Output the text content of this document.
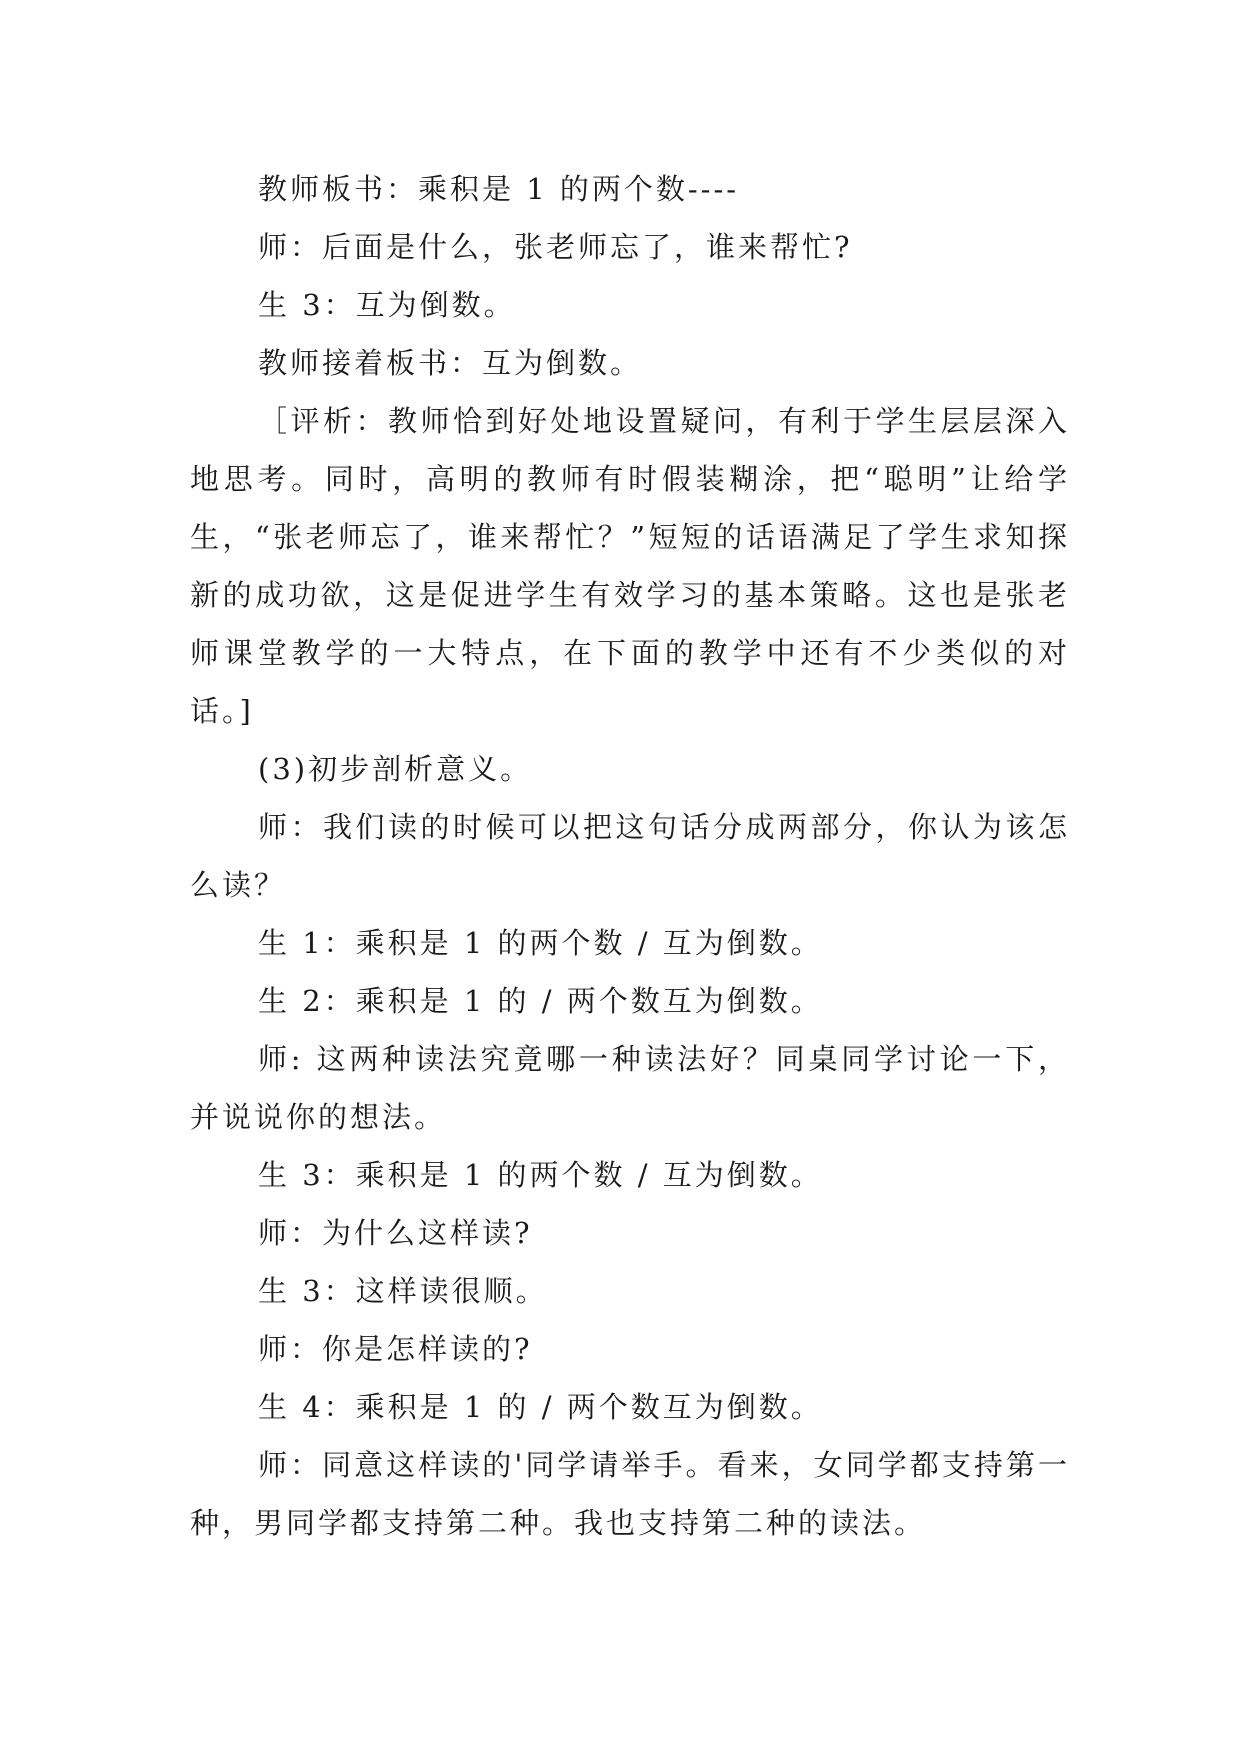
教师板书：乘积是 1 的两个数----

师：后面是什么，张老师忘了，谁来帮忙?

生 3：互为倒数。

教师接着板书：互为倒数。

［评析：教师恰到好处地设置疑问，有利于学生层层深入地思考。同时，高明的教师有时假装糊涂，把“聪明”让给学生，“张老师忘了，谁来帮忙？”短短的话语满足了学生求知探新的成功欲，这是促进学生有效学习的基本策略。这也是张老师课堂教学的一大特点，在下面的教学中还有不少类似的对话。]

(3)初步剖析意义。

师：我们读的时候可以把这句话分成两部分，你认为该怎么读？

生 1：乘积是 1 的两个数 / 互为倒数。

生 2：乘积是 1 的 / 两个数互为倒数。

师: 这两种读法究竟哪一种读法好？同桌同学讨论一下，并说说你的想法。

生 3：乘积是 1 的两个数 / 互为倒数。

师：为什么这样读?

生 3：这样读很顺。

师：你是怎样读的?

生 4：乘积是 1 的 / 两个数互为倒数。

师：同意这样读的'同学请举手。看来，女同学都支持第一种，男同学都支持第二种。我也支持第二种的读法。
